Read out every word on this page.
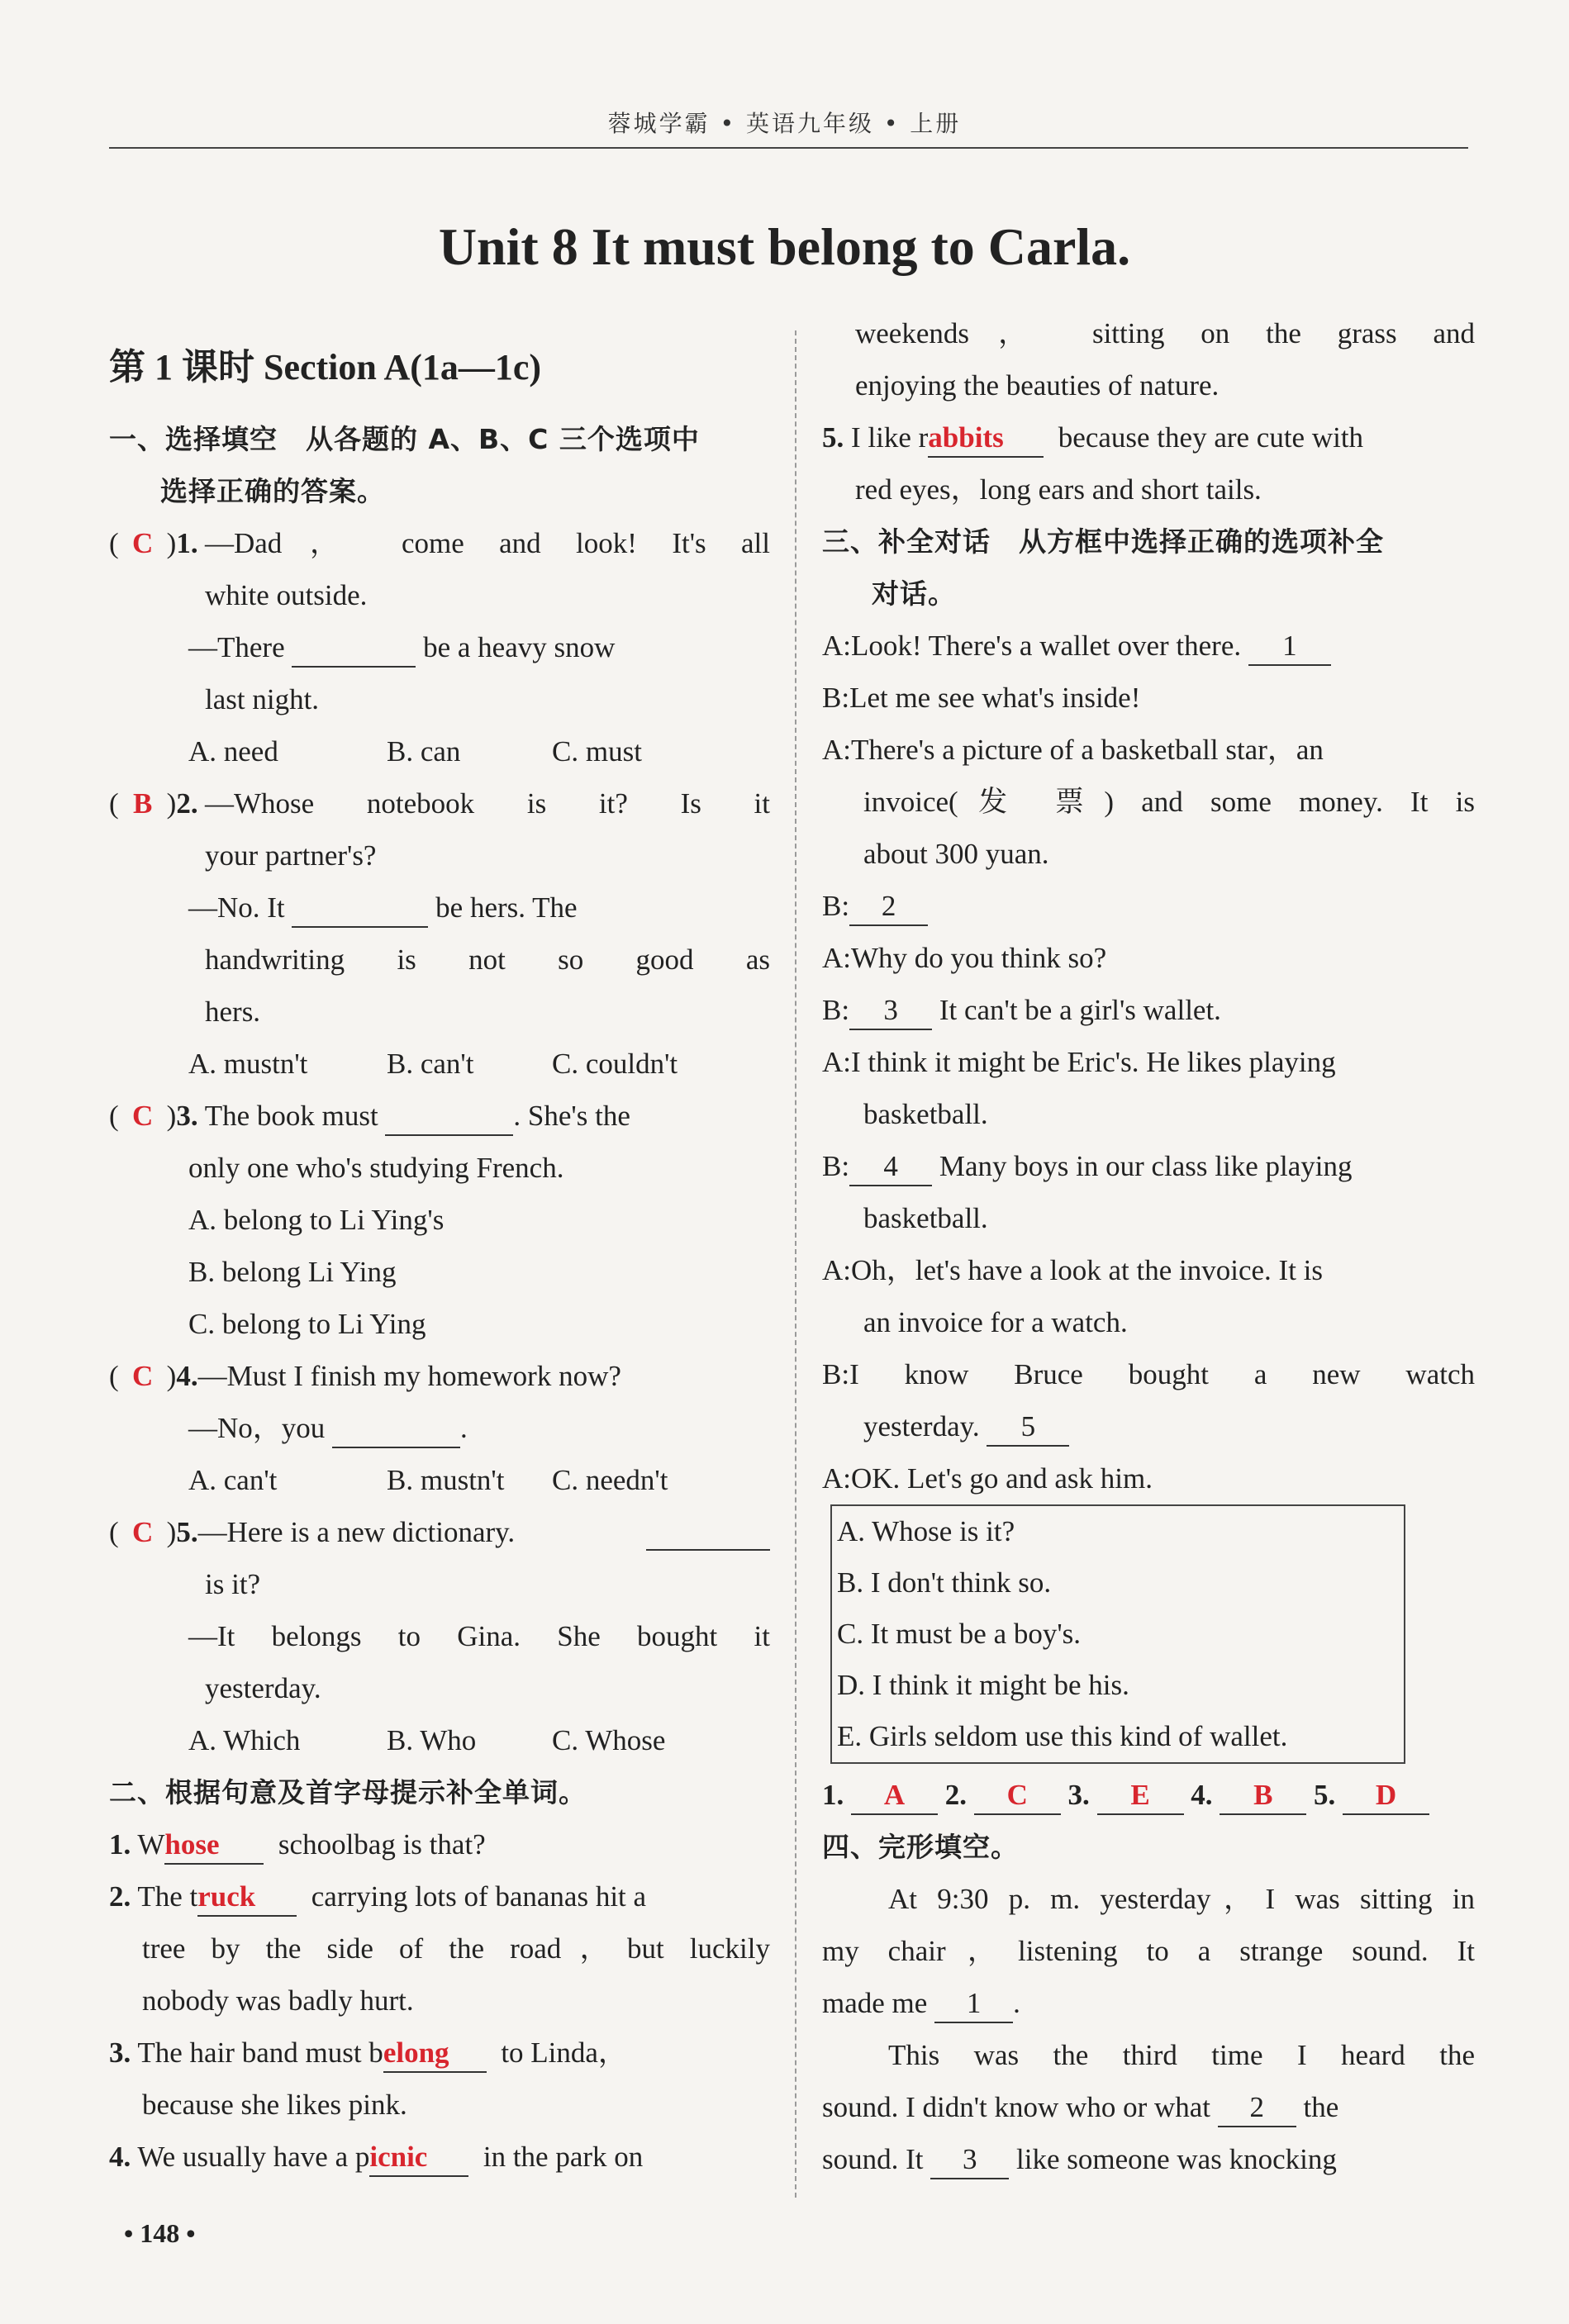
蓉城学霸 • 英语九年级 • 上册
Unit 8 It must belong to Carla.
第 1 课时 Section A(1a—1c)
一、选择填空　从各题的 A、B、C 三个选项中
选择正确的答案。
( C )1. —Dad， come and look! It's all
white outside.
—There	be a heavy snow
last night.
A. need	B. can	C. must
( B )2. —Whose notebook is it? Is it
your partner's?
—No. It	be hers. The
handwriting is not so good as
hers.
A. mustn't	B. can't	C. couldn't
( C )3. The book must	. She's the
only one who's studying French.
A. belong to Li Ying's
B. belong Li Ying
C. belong to Li Ying
( C )4.—Must I finish my homework now?
—No，you	.
A. can't	B. mustn't C. needn't
( C )5.—Here is a new dictionary.

is it?
—It belongs to Gina. She bought it
yesterday.
A. Which	B. Who	C. Whose
二、根据句意及首字母提示补全单词。
1. Whose schoolbag is that?
2. The truck carrying lots of bananas hit a
tree by the side of the road，but luckily
nobody was badly hurt.
3. The hair band must belong to Linda，
because she likes pink.
4. We usually have a picnic in the park on
weekends， sitting on the grass and
enjoying the beauties of nature.
5. I like rabbits because they are cute with
red eyes，long ears and short tails.
三、补全对话　从方框中选择正确的选项补全
对话。
A:Look! There's a wallet over there. 1
B:Let me see what's inside!
A:There's a picture of a basketball star，an
invoice(发 票) and some money. It is
about 300 yuan.
B: 2
A:Why do you think so?
B: 3 It can't be a girl's wallet.
A:I think it might be Eric's. He likes playing
basketball.
B: 4 Many boys in our class like playing
basketball.
A:Oh，let's have a look at the invoice. It is
an invoice for a watch.
B:I know Bruce bought a new watch
yesterday. 5
A:OK. Let's go and ask him.
A. Whose is it?
B. I don't think so.
C. It must be a boy's.
D. I think it might be his.
E. Girls seldom use this kind of wallet.
1. A 2. C 3. E 4. B 5. D
四、完形填空。
At 9:30 p. m. yesterday，I was sitting in
my chair，listening to a strange sound. It
made me 1 .
This was the third time I heard the
sound. I didn't know who or what 2 the
sound. It 3 like someone was knocking
• 148 •
